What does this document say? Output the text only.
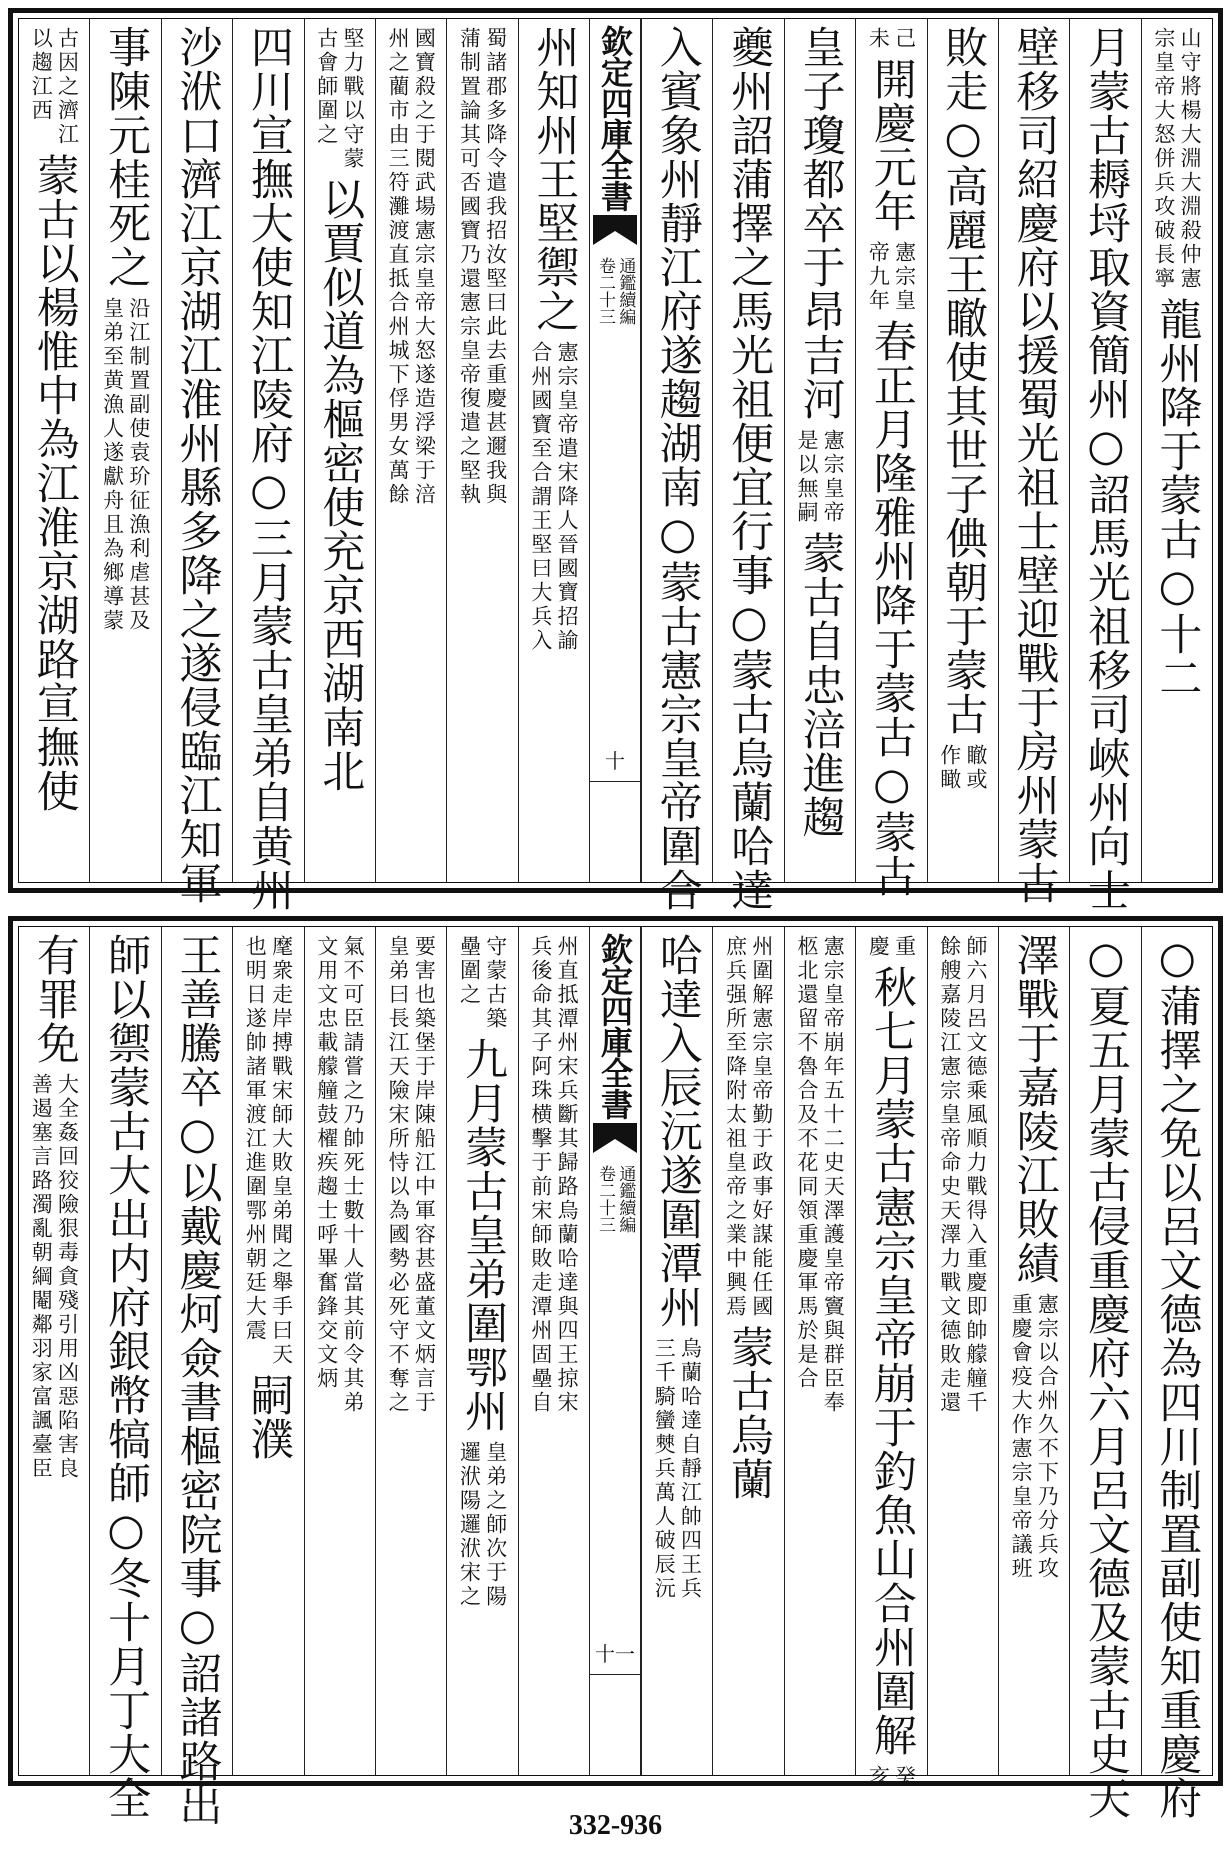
山守將楊大淵大淵殺仲憲
宗皇帝大怒併兵攻破長寧
龍州降于蒙古○十二
月蒙古耨埒取資簡州○詔馬光祖移司峽州向士
壁移司紹慶府以援蜀光祖士壁迎戰于房州蒙古
敗走○高麗王瞮使其世子倎朝于蒙古
瞮或
作瞰
己
未
開慶元年
憲宗皇
帝九年
春正月隆雅州降于蒙古○蒙古
皇子瓊都卒于昂吉河
憲宗皇帝
是以無嗣
蒙古自忠涪進趨
夔州詔蒲擇之馬光祖便宜行事○蒙古烏蘭哈達
入賓象州靜江府遂趨湖南○蒙古憲宗皇帝圍合
欽定四庫全書
通鑑續編
卷二十三
十
州知州王堅禦之
憲宗皇帝遣宋降人晉國寶招諭
合州國寶至合謂王堅曰大兵入
蜀諸郡多降令遣我招汝堅曰此去重慶甚邇我與
蒲制置論其可否國寶乃還憲宗皇帝復遣之堅執
國寶殺之于閱武場憲宗皇帝大怒遂造浮梁于涪
州之藺市由三符灘渡直抵合州城下俘男女萬餘
堅力戰以守蒙
古會師圍之
以賈似道為樞密使充京西湖南北
四川宣撫大使知江陵府○三月蒙古皇弟自黄州
沙洑口濟江京湖江淮州縣多降之遂侵臨江知軍
事陳元桂死之
沿江制置副使袁玠征漁利虐甚及
皇弟至黄漁人遂獻舟且為鄉導蒙
古因之濟江
以趨江西
蒙古以楊惟中為江淮京湖路宣撫使
○蒲擇之免以呂文德為四川制置副使知重慶府
○夏五月蒙古侵重慶府六月呂文德及蒙古史天
澤戰于嘉陵江敗績
憲宗以合州久不下乃分兵攻
重慶會疫大作憲宗皇帝議班
師六月呂文德乘風順力戰得入重慶即帥艨艟千
餘艘嘉陵江憲宗皇帝命史天澤力戰文德敗走還
重
慶
秋七月蒙古憲宗皇帝崩于釣魚山合州圍解
癸
亥
憲宗皇帝崩年五十二史天澤護皇帝竇與群臣奉
柩北還留不魯合及不花同領重慶軍馬於是合
州圍解憲宗皇帝勤于政事好謀能任國
庶兵强所至降附太祖皇帝之業中興焉
蒙古烏蘭
哈達入辰沅遂圍潭州
烏蘭哈達自靜江帥四王兵
三千騎蠻僰兵萬人破辰沅
欽定四庫全書
通鑑續編
卷二十三
十一
州直抵潭州宋兵斷其歸路烏蘭哈達與四王掠宋
兵後命其子阿珠横擊于前宋師敗走潭州固壘自
守蒙古築
壘圍之
九月蒙古皇弟圍鄂州
皇弟之師次于陽
邏洑陽邏洑宋之
要害也築堡于岸陳船江中軍容甚盛董文炳言于
皇弟曰長江天險宋所恃以為國勢必死守不奪之
氣不可臣請嘗之乃帥死士數十人當其前令其弟
文用文忠載艨艟鼓櫂疾趨士呼畢奮鋒交文炳
麾衆走岸搏戰宋師大敗皇弟聞之舉手曰天
也明日遂帥諸軍渡江進圍鄂州朝廷大震
嗣濮
王善騰卒○以戴慶炣僉書樞密院事○詔諸路出
師以禦蒙古大出内府銀幣犒師○冬十月丁大全
有罪免
大全姦回狡險狠毒貪殘引用凶惡陷害良
善遏塞言路濁亂朝綱閹鄰羽家富諷臺臣
332-936
